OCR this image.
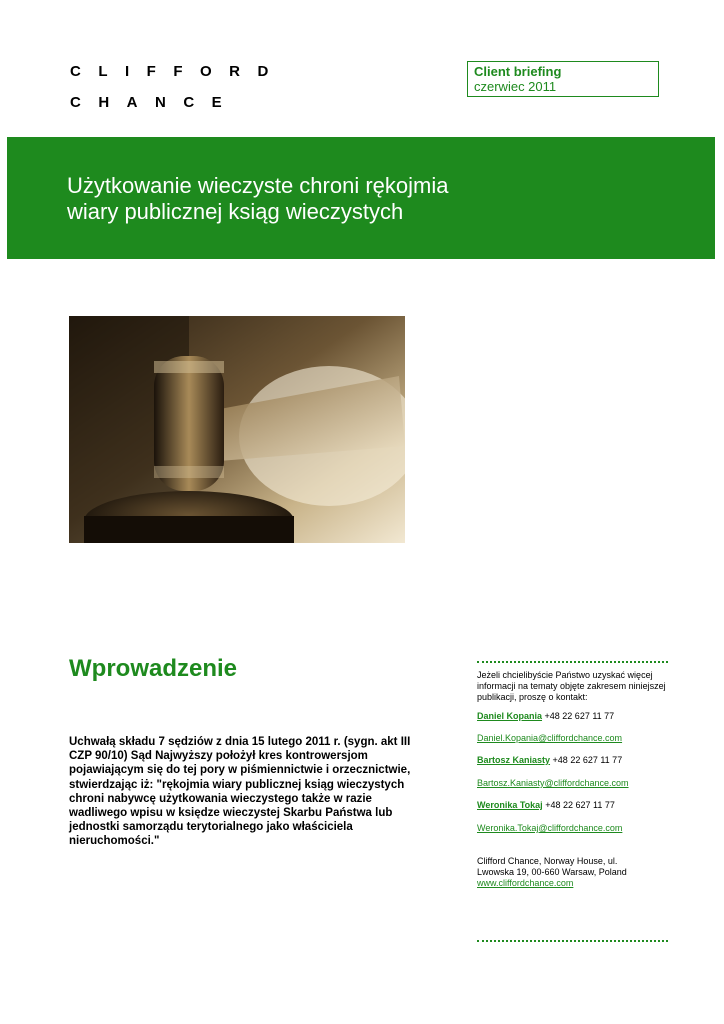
CLIFFORD
CHANCE
Client briefing
czerwiec 2011
Użytkowanie wieczyste chroni rękojmia
wiary publicznej ksiąg wieczystych
Wprowadzenie
Uchwałą składu 7 sędziów z dnia 15 lutego 2011 r. (sygn. akt III CZP 90/10) Sąd Najwyższy położył kres kontrowersjom pojawiającym się do tej pory w piśmiennictwie i orzecznictwie, stwierdzając iż: "rękojmia wiary publicznej ksiąg wieczystych chroni nabywcę użytkowania wieczystego także w razie wadliwego wpisu w księdze wieczystej Skarbu Państwa lub jednostki samorządu terytorialnego jako właściciela nieruchomości."
Jeżeli chcielibyście Państwo uzyskać więcej informacji na tematy objęte zakresem niniejszej publikacji, proszę o kontakt:
Daniel Kopania +48 22 627 11 77
Daniel.Kopania@cliffordchance.com
Bartosz Kaniasty +48 22 627 11 77
Bartosz.Kaniasty@cliffordchance.com
Weronika Tokaj +48 22 627 11 77
Weronika.Tokaj@cliffordchance.com
Clifford Chance, Norway House, ul.
Lwowska 19, 00-660 Warsaw, Poland
www.cliffordchance.com
